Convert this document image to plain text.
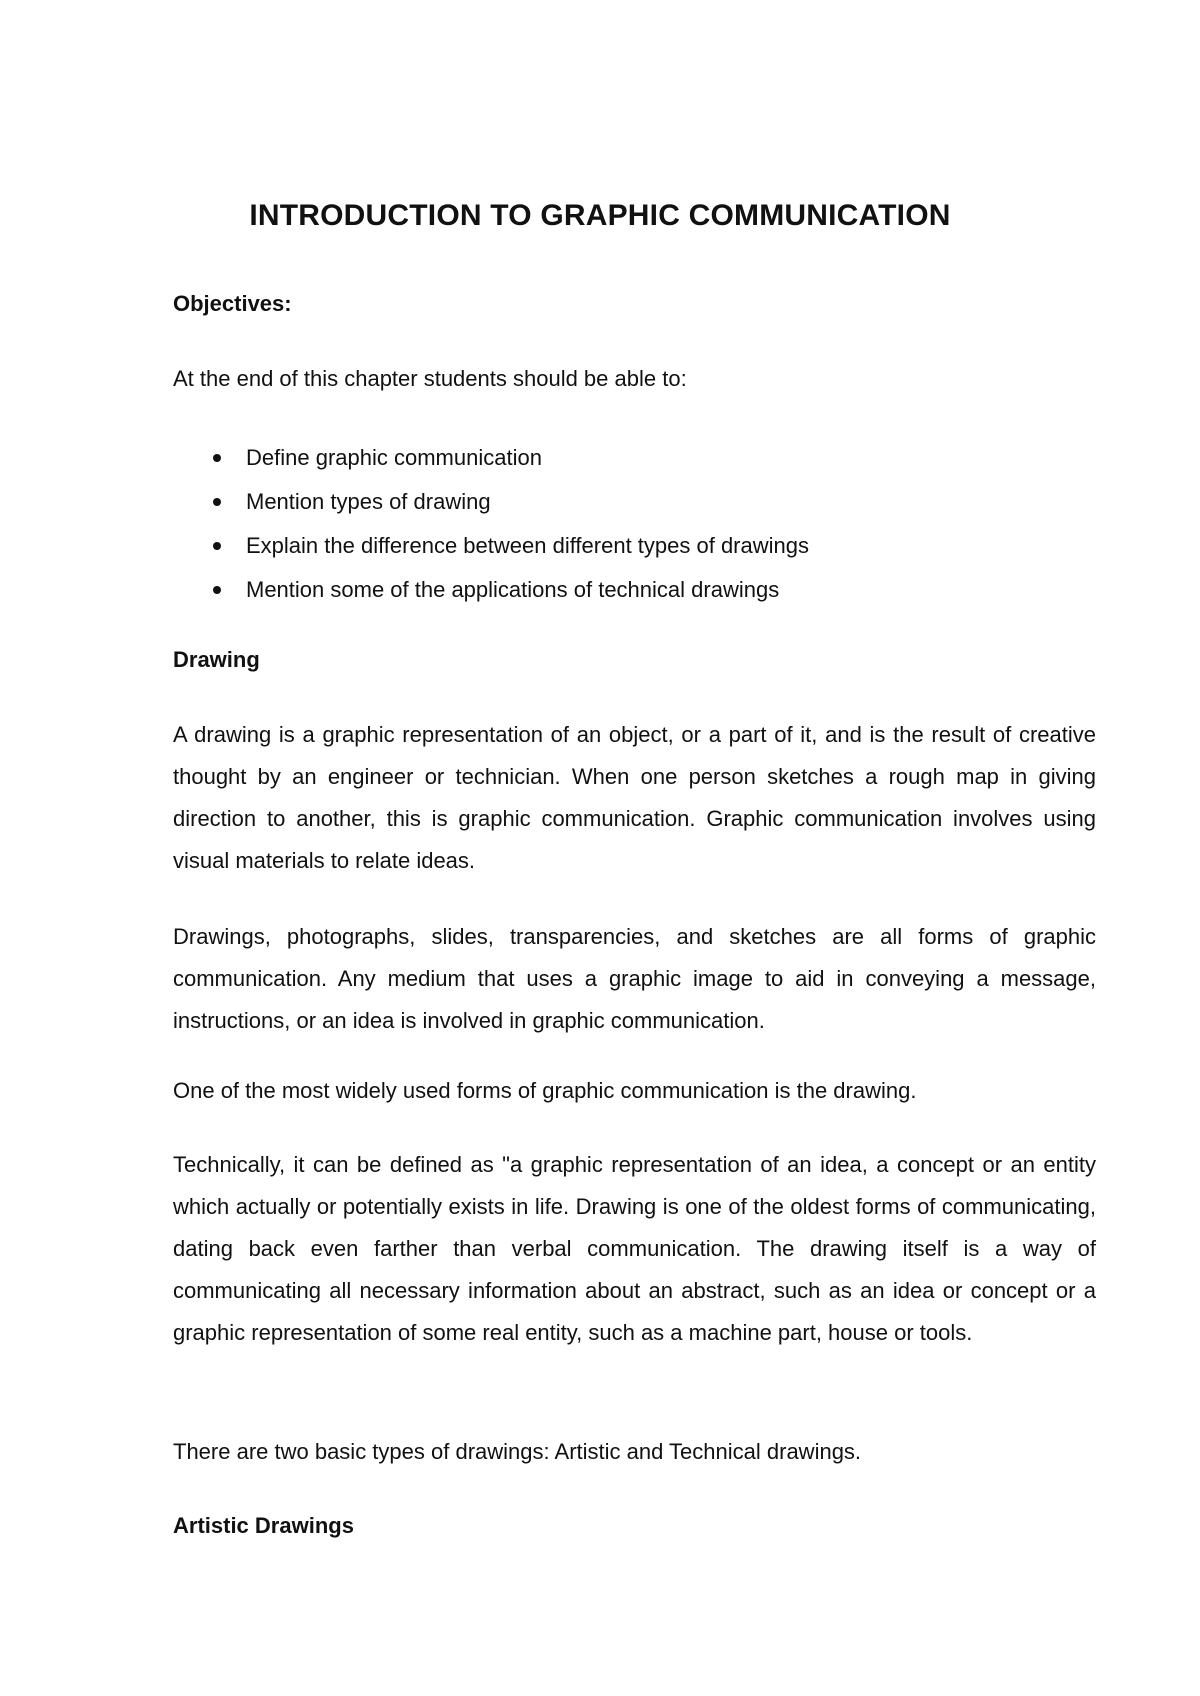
INTRODUCTION TO GRAPHIC COMMUNICATION
Objectives:

At the end of this chapter students should be able to:

Define graphic communication
Mention types of drawing
Explain the difference between different types of drawings
Mention some of the applications of technical drawings
Drawing

A drawing is a graphic representation of an object, or a part of it, and is the result of creative thought by an engineer or technician. When one person sketches a rough map in giving direction to another, this is graphic communication. Graphic communication involves using visual materials to relate ideas.

Drawings, photographs, slides, transparencies, and sketches are all forms of graphic communication. Any medium that uses a graphic image to aid in conveying a message, instructions, or an idea is involved in graphic communication.

One of the most widely used forms of graphic communication is the drawing.

Technically, it can be defined as "a graphic representation of an idea, a concept or an entity which actually or potentially exists in life. Drawing is one of the oldest forms of communicating, dating back even farther than verbal communication. The drawing itself is a way of communicating all necessary information about an abstract, such as an idea or concept or a graphic representation of some real entity, such as a machine part, house or tools.

There are two basic types of drawings: Artistic and Technical drawings.

Artistic Drawings
